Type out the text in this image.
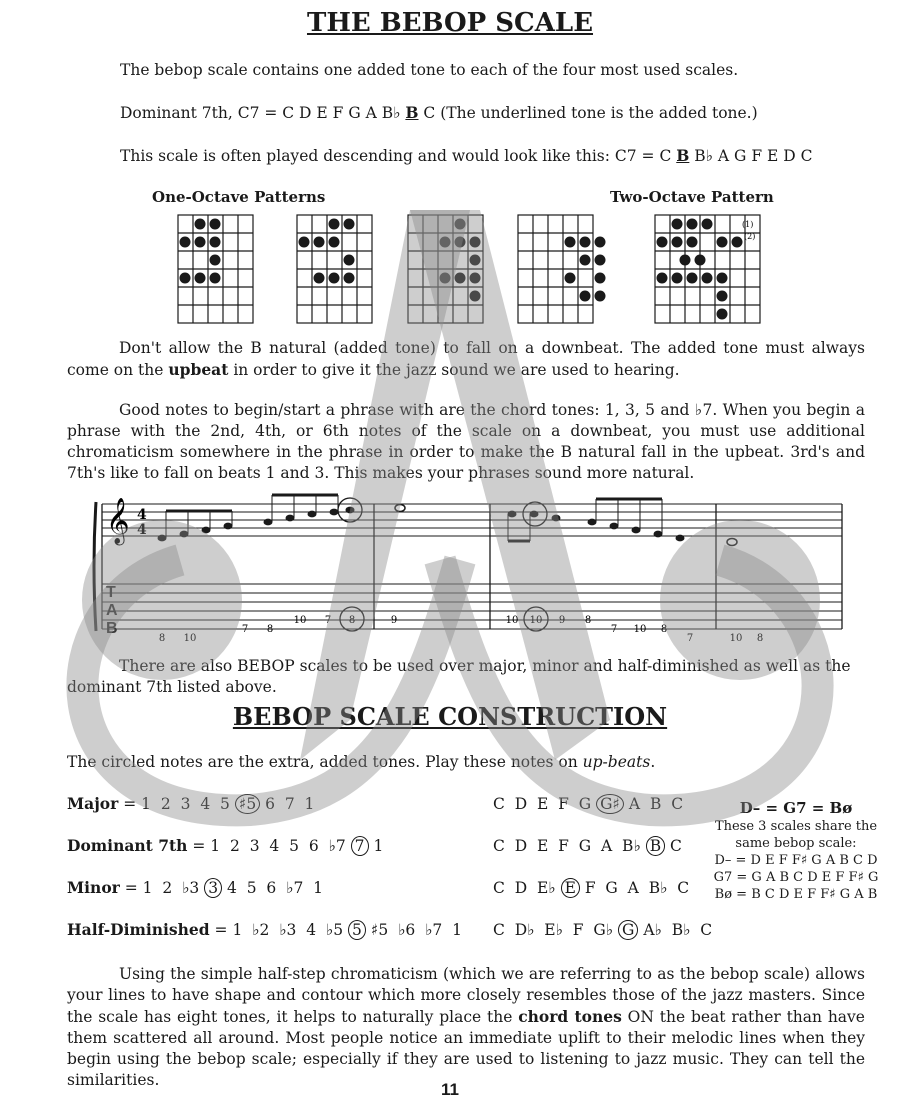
THE BEBOP SCALE
The bebop scale contains one added tone to each of the four most used scales.
Dominant 7th, C7 = C D E F G A B♭ B C (The underlined tone is the added tone.)
This scale is often played descending and would look like this: C7 = C B B♭ A G F E D C
One-Octave Patterns	Two-Octave Pattern
(1)
(2)
Don't allow the B natural (added tone) to fall on a downbeat. The added tone must always come on the upbeat in order to give it the jazz sound we are used to hearing.
Good notes to begin/start a phrase with are the chord tones: 1, 3, 5 and ♭7. When you begin a phrase with the 2nd, 4th, or 6th notes of the scale on a downbeat, you must use additional chromaticism somewhere in the phrase in order to make the B natural fall in the upbeat. 3rd's and 7th's like to fall on beats 1 and 3. This makes your phrases sound more natural.
𝄞 4
4
T
A
B
8 10
7 8
10 7 8	9	10 10 9 8
7 10 8
7	10 8
There are also BEBOP scales to be used over major, minor and half-diminished as well as the dominant 7th listed above.
BEBOP SCALE CONSTRUCTION
The circled notes are the extra, added tones. Play these notes on up-beats.
Major = 1  2  3  4  5 ♯5 6  7  1	C  D  E  F  G G♯ A  B  C
Dominant 7th = 1  2  3  4  5  6  ♭7 7 1	C  D  E  F  G  A  B♭ B C
Minor = 1  2  ♭3 3 4  5  6  ♭7  1	C  D  E♭ E F  G  A  B♭  C
Half-Diminished = 1  ♭2  ♭3  4  ♭5 5 ♯5  ♭6  ♭7  1 C  D♭  E♭  F  G♭ G A♭  B♭  C
D– = G7 = Bø
These 3 scales share the
same bebop scale:
D– = D E F F♯ G A B C D
G7 = G A B C D E F F♯ G
Bø = B C D E F F♯ G A B
Using the simple half-step chromaticism (which we are referring to as the bebop scale) allows your lines to have shape and contour which more closely resembles those of the jazz masters. Since the scale has eight tones, it helps to naturally place the chord tones ON the beat rather than have them scattered all around. Most people notice an immediate uplift to their melodic lines when they begin using the bebop scale; especially if they are used to listening to jazz music. They can tell the similarities.	11
